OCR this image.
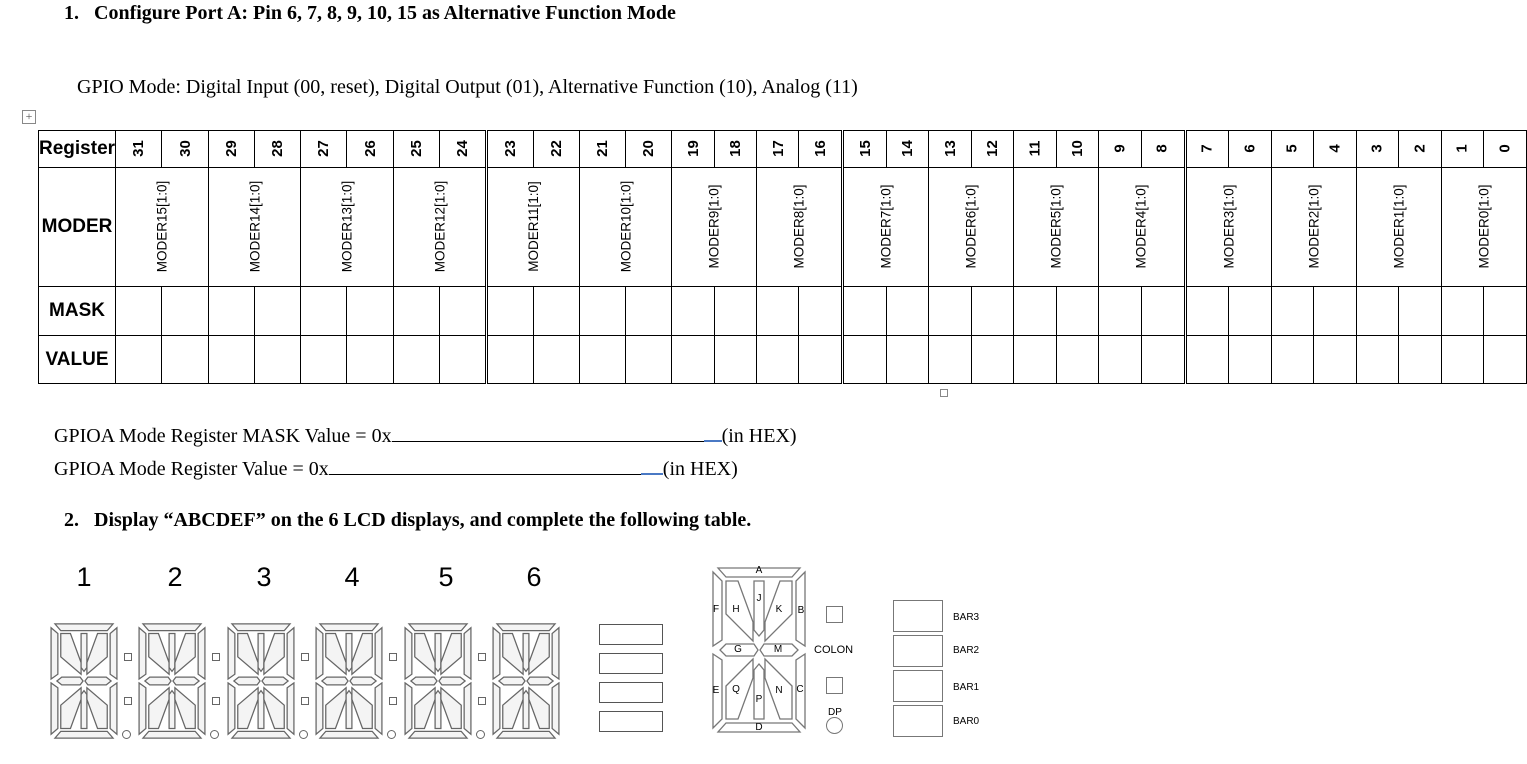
1. Configure Port A: Pin 6, 7, 8, 9, 10, 15 as Alternative Function Mode
GPIO Mode: Digital Input (00, reset), Digital Output (01), Alternative Function (10), Analog (11)
+
Register	31	30	29	28	27	26	25	24	23	22	21	20	19	18	17	16	15	14	13	12	11	10	9	8	7	6	5	4	3	2	1	0
MODER	MODER15[1:0]		MODER14[1:0]		MODER13[1:0]		MODER12[1:0]		MODER11[1:0]		MODER10[1:0]		MODER9[1:0]		MODER8[1:0]		MODER7[1:0]		MODER6[1:0]		MODER5[1:0]		MODER4[1:0]		MODER3[1:0]		MODER2[1:0]		MODER1[1:0]		MODER0[1:0]	
MASK																																
VALUE																																
GPIOA Mode Register MASK Value = 0x	(in HEX)
GPIOA Mode Register Value = 0x	(in HEX)
2. Display “ABCDEF” on the 6 LCD displays, and complete the following table.
1	2	3	4	5	6	A
B
C
D
E
F
G
H
J
K
M
N
P
Q
COLON
DP
BAR3
BAR2
BAR1
BAR0
